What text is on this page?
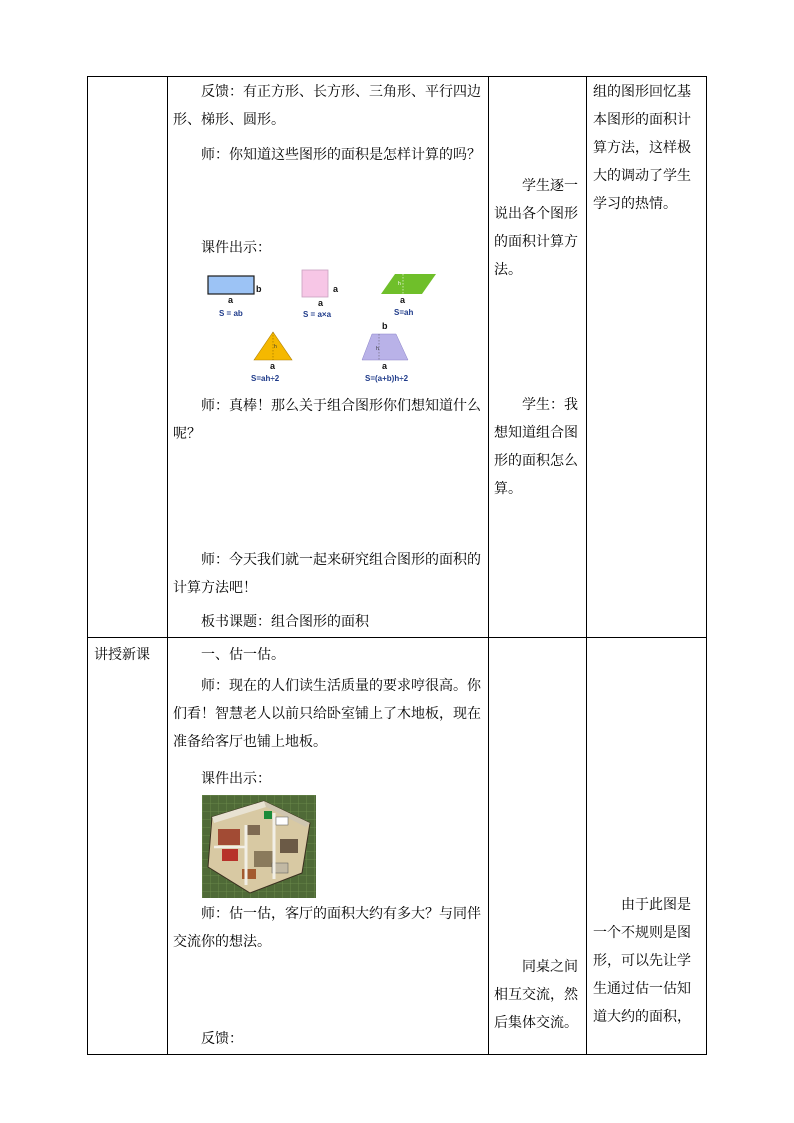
反馈：有正方形、长方形、三角形、平行四边形、梯形、圆形。

师：你知道这些图形的面积是怎样计算的吗？

课件出示：

a
b
S = ab
a
a
S = a×a
h
a
S=ah
h
a
S=ah÷2
b
h
a
S=(a+b)h÷2

师：真棒！那么关于组合图形你们想知道什么呢？

师：今天我们就一起来研究组合图形的面积的计算方法吧！

板书课题：组合图形的面积

学生逐一说出各个图形的面积计算方法。

学生：我想知道组合图形的面积怎么算。

组的图形回忆基本图形的面积计算方法，这样极大的调动了学生学习的热情。

讲授新课	一、估一估。

师：现在的人们读生活质量的要求哼很高。你们看！智慧老人以前只给卧室铺上了木地板，现在准备给客厅也铺上地板。

课件出示：

师：估一估，客厅的面积大约有多大？与同伴交流你的想法。

反馈：

同桌之间相互交流，然后集体交流。

由于此图是一个不规则是图形，可以先让学生通过估一估知道大约的面积，
